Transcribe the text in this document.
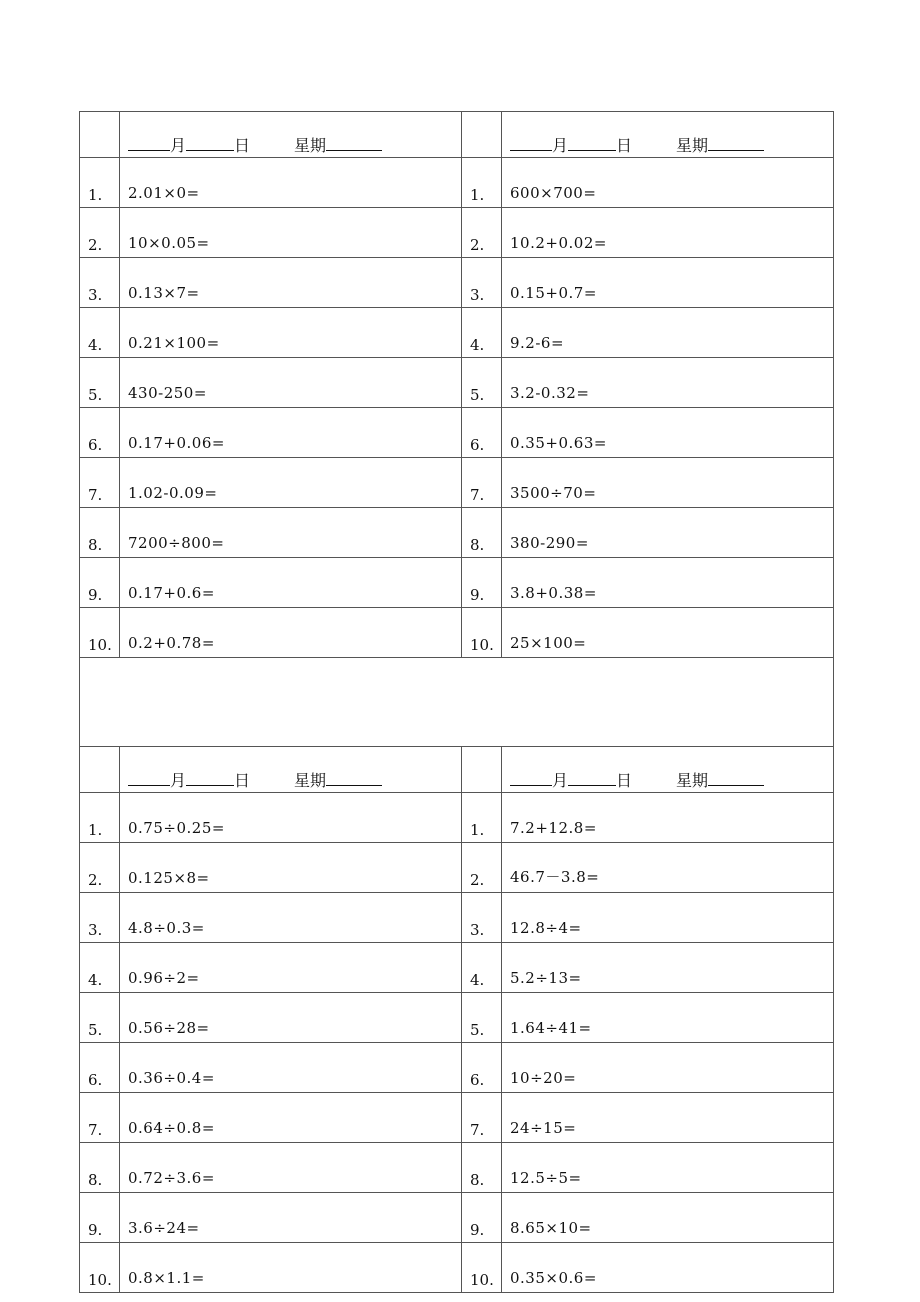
	月 日 星期		月 日 星期
1.	2.01×0=	1.	600×700=
2.	10×0.05=	2.	10.2+0.02=
3.	0.13×7=	3.	0.15+0.7=
4.	0.21×100=	4.	9.2-6=
5.	430-250=	5.	3.2-0.32=
6.	0.17+0.06=	6.	0.35+0.63=
7.	1.02-0.09=	7.	3500÷70=
8.	7200÷800=	8.	380-290=
9.	0.17+0.6=	9.	3.8+0.38=
10.	0.2+0.78=	10.	25×100=

	月 日 星期		月 日 星期
1.	0.75÷0.25=	1.	7.2+12.8=
2.	0.125×8=	2.	46.7－3.8=
3.	4.8÷0.3=	3.	12.8÷4=
4.	0.96÷2=	4.	5.2÷13=
5.	0.56÷28=	5.	1.64÷41=
6.	0.36÷0.4=	6.	10÷20=
7.	0.64÷0.8=	7.	24÷15=
8.	0.72÷3.6=	8.	12.5÷5=
9.	3.6÷24=	9.	8.65×10=
10.	0.8×1.1=	10.	0.35×0.6=
